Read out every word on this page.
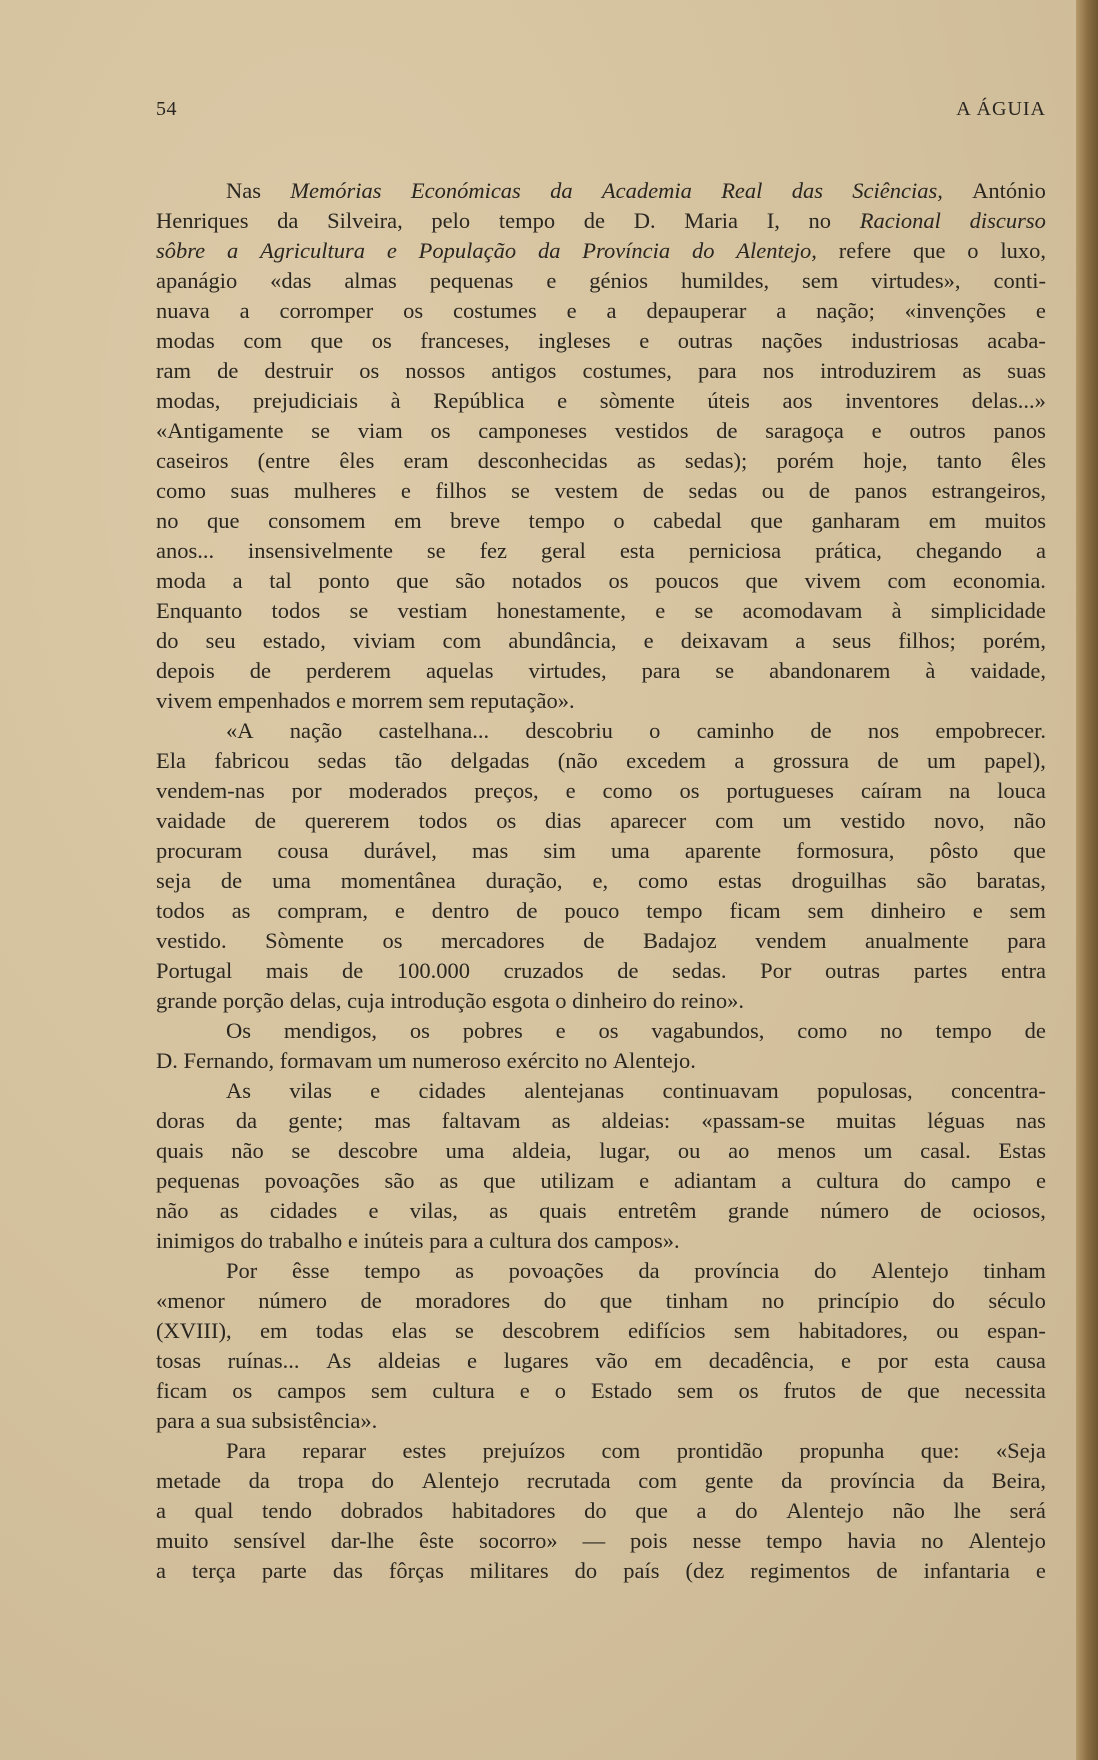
54	A ÁGUIA
Nas Memórias Económicas da Academia Real das Sciências, António
Henriques da Silveira, pelo tempo de D. Maria I, no Racional discurso
sôbre a Agricultura e População da Província do Alentejo, refere que o luxo,
apanágio «das almas pequenas e génios humildes, sem virtudes», conti-
nuava a corromper os costumes e a depauperar a nação; «invenções e
modas com que os franceses, ingleses e outras nações industriosas acaba-
ram de destruir os nossos antigos costumes, para nos introduzirem as suas
modas, prejudiciais à República e sòmente úteis aos inventores delas...»
«Antigamente se viam os camponeses vestidos de saragoça e outros panos
caseiros (entre êles eram desconhecidas as sedas); porém hoje, tanto êles
como suas mulheres e filhos se vestem de sedas ou de panos estrangeiros,
no que consomem em breve tempo o cabedal que ganharam em muitos
anos... insensivelmente se fez geral esta perniciosa prática, chegando a
moda a tal ponto que são notados os poucos que vivem com economia.
Enquanto todos se vestiam honestamente, e se acomodavam à simplicidade
do seu estado, viviam com abundância, e deixavam a seus filhos; porém,
depois de perderem aquelas virtudes, para se abandonarem à vaidade,
vivem empenhados e morrem sem reputação».
«A nação castelhana... descobriu o caminho de nos empobrecer.
Ela fabricou sedas tão delgadas (não excedem a grossura de um papel),
vendem-nas por moderados preços, e como os portugueses caíram na louca
vaidade de quererem todos os dias aparecer com um vestido novo, não
procuram cousa durável, mas sim uma aparente formosura, pôsto que
seja de uma momentânea duração, e, como estas droguilhas são baratas,
todos as compram, e dentro de pouco tempo ficam sem dinheiro e sem
vestido. Sòmente os mercadores de Badajoz vendem anualmente para
Portugal mais de 100.000 cruzados de sedas. Por outras partes entra
grande porção delas, cuja introdução esgota o dinheiro do reino».
Os mendigos, os pobres e os vagabundos, como no tempo de
D. Fernando, formavam um numeroso exército no Alentejo.
As vilas e cidades alentejanas continuavam populosas, concentra-
doras da gente; mas faltavam as aldeias: «passam-se muitas léguas nas
quais não se descobre uma aldeia, lugar, ou ao menos um casal. Estas
pequenas povoações são as que utilizam e adiantam a cultura do campo e
não as cidades e vilas, as quais entretêm grande número de ociosos,
inimigos do trabalho e inúteis para a cultura dos campos».
Por êsse tempo as povoações da província do Alentejo tinham
«menor número de moradores do que tinham no princípio do século
(XVIII), em todas elas se descobrem edifícios sem habitadores, ou espan-
tosas ruínas... As aldeias e lugares vão em decadência, e por esta causa
ficam os campos sem cultura e o Estado sem os frutos de que necessita
para a sua subsistência».
Para reparar estes prejuízos com prontidão propunha que: «Seja
metade da tropa do Alentejo recrutada com gente da província da Beira,
a qual tendo dobrados habitadores do que a do Alentejo não lhe será
muito sensível dar-lhe êste socorro» — pois nesse tempo havia no Alentejo
a terça parte das fôrças militares do país (dez regimentos de infantaria e
